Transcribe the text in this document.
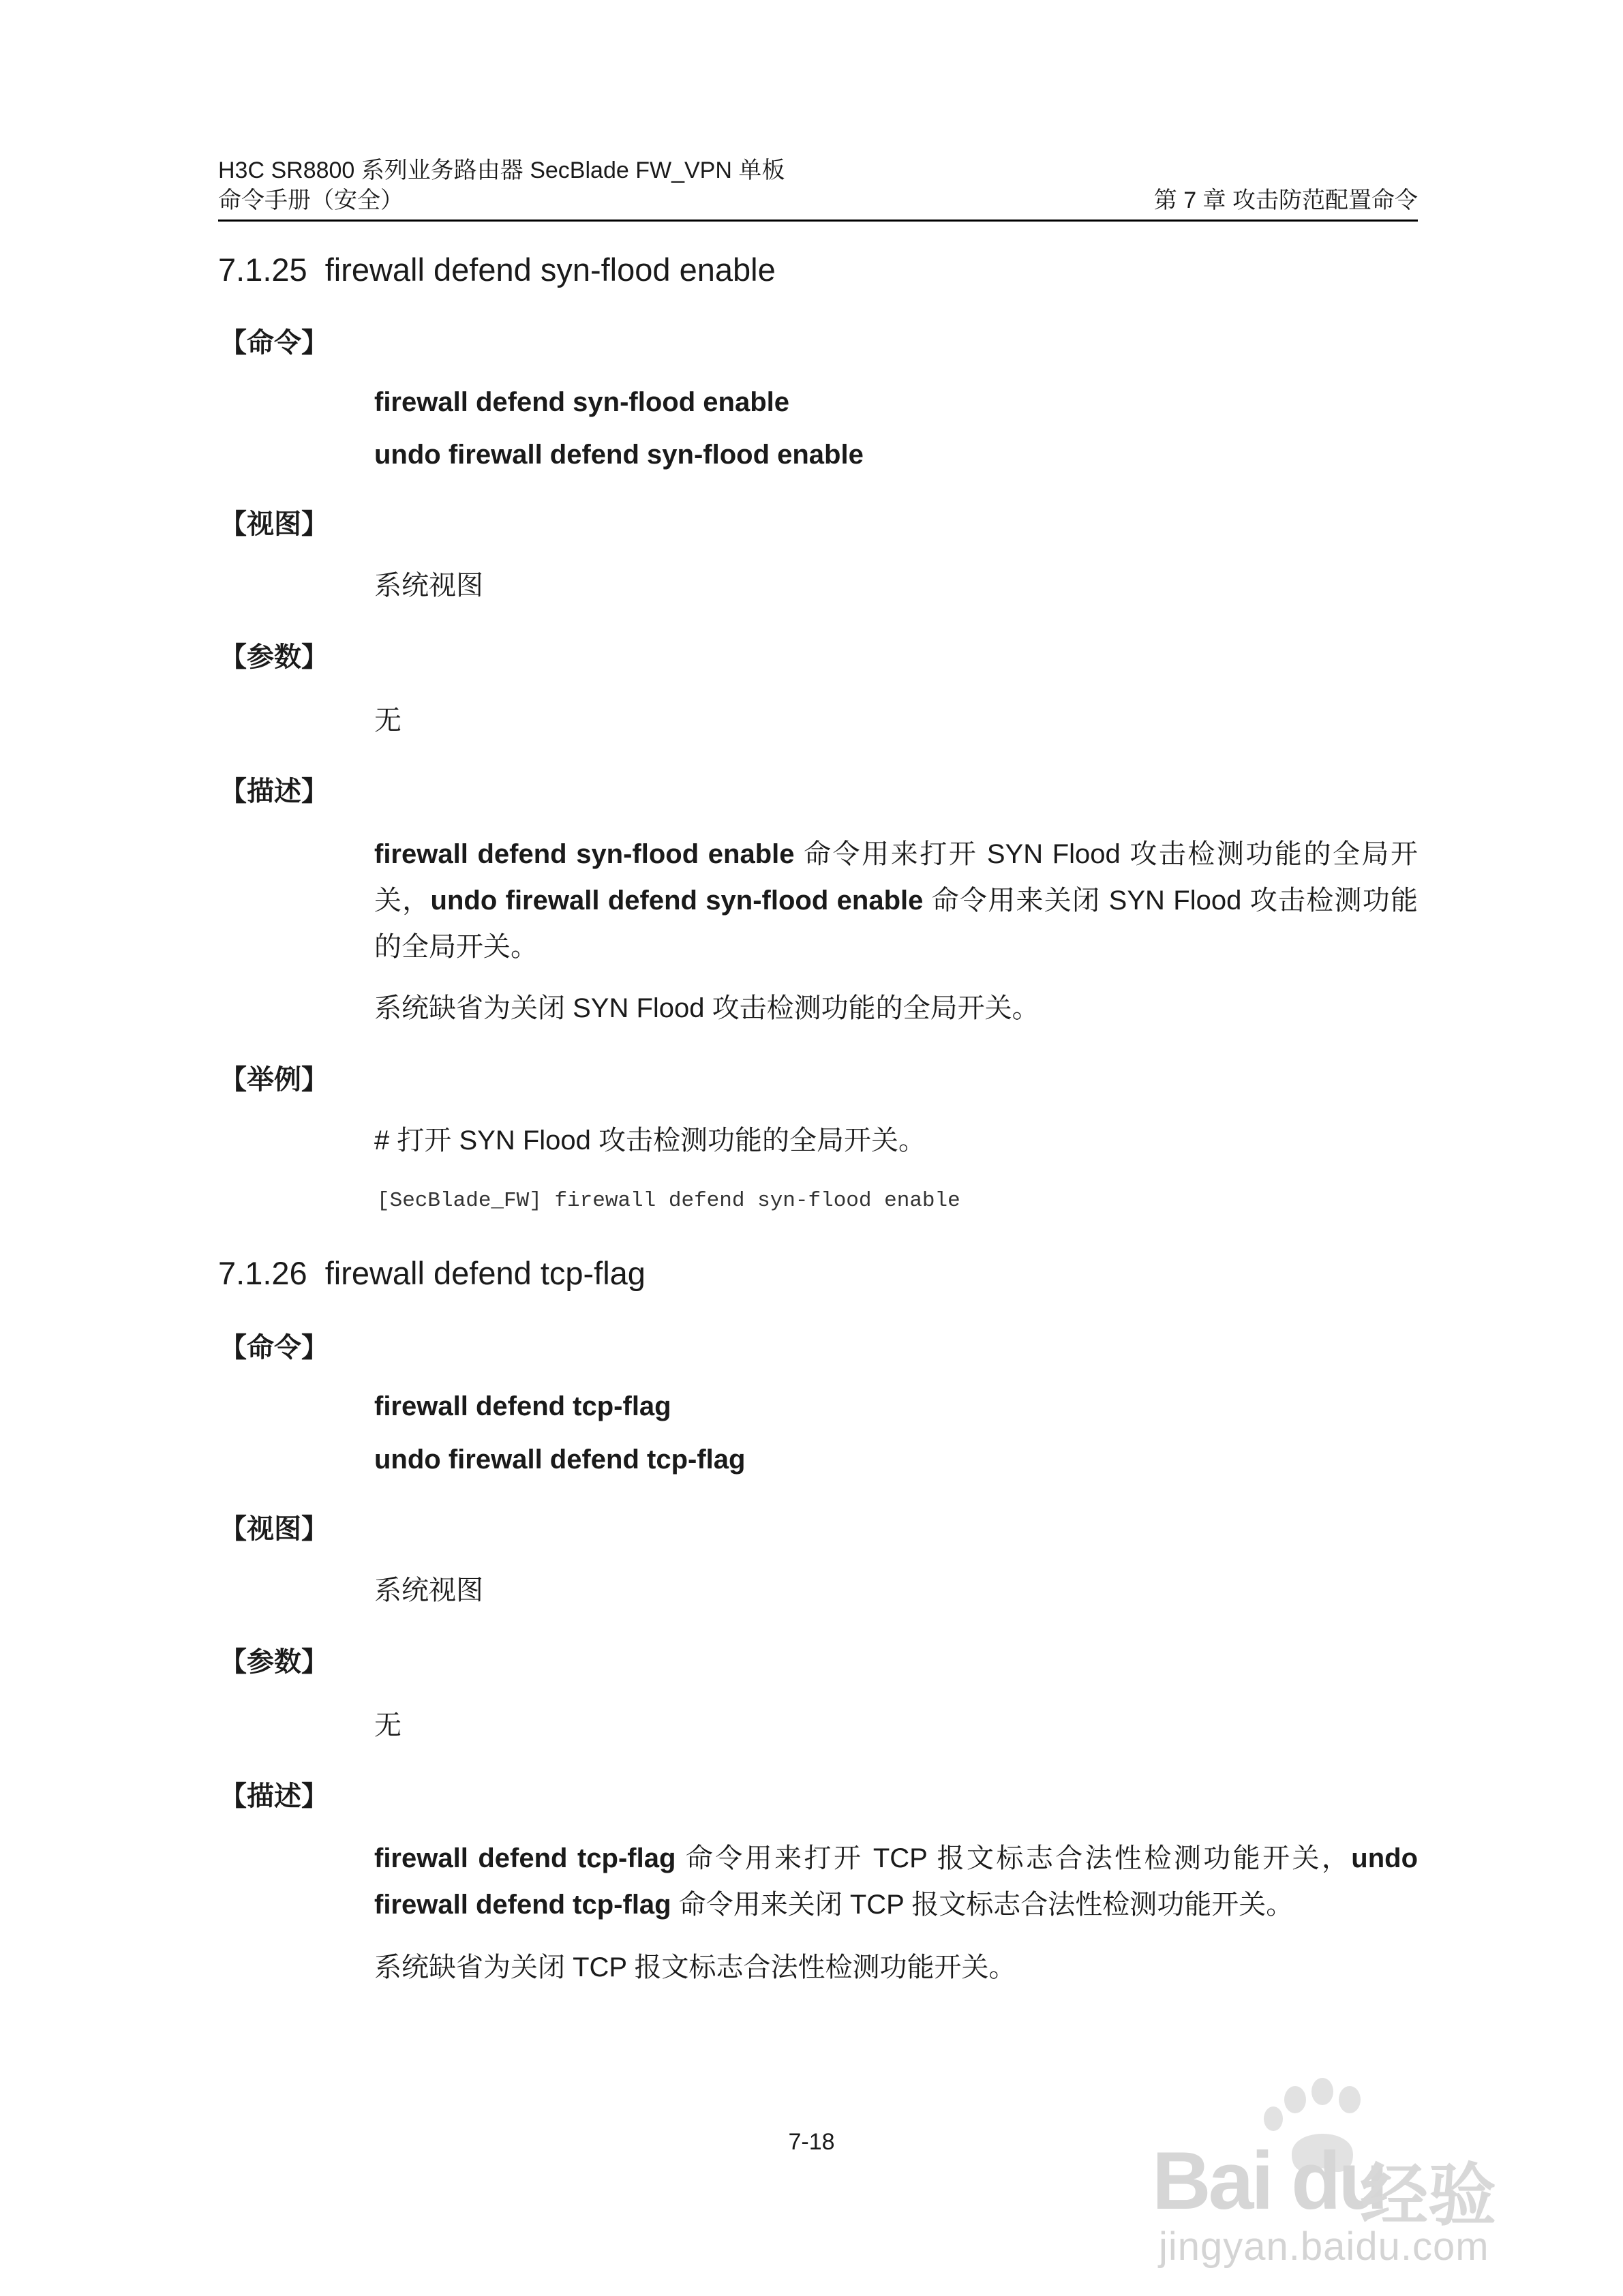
H3C SR8800 系列业务路由器 SecBlade FW_VPN 单板
命令手册（安全）	第 7 章 攻击防范配置命令
7.1.25 firewall defend syn-flood enable
【命令】
firewall defend syn-flood enable
undo firewall defend syn-flood enable
【视图】
系统视图
【参数】
无
【描述】
firewall defend syn-flood enable 命令用来打开 SYN Flood 攻击检测功能的全局开关，undo firewall defend syn-flood enable 命令用来关闭 SYN Flood 攻击检测功能的全局开关。
系统缺省为关闭 SYN Flood 攻击检测功能的全局开关。
【举例】
# 打开 SYN Flood 攻击检测功能的全局开关。
[SecBlade_FW] firewall defend syn-flood enable
7.1.26 firewall defend tcp-flag
【命令】
firewall defend tcp-flag
undo firewall defend tcp-flag
【视图】
系统视图
【参数】
无
【描述】
firewall defend tcp-flag 命令用来打开 TCP 报文标志合法性检测功能开关，undo firewall defend tcp-flag 命令用来关闭 TCP 报文标志合法性检测功能开关。
系统缺省为关闭 TCP 报文标志合法性检测功能开关。
7-18	Bai du
经验
jingyan.baidu.com
